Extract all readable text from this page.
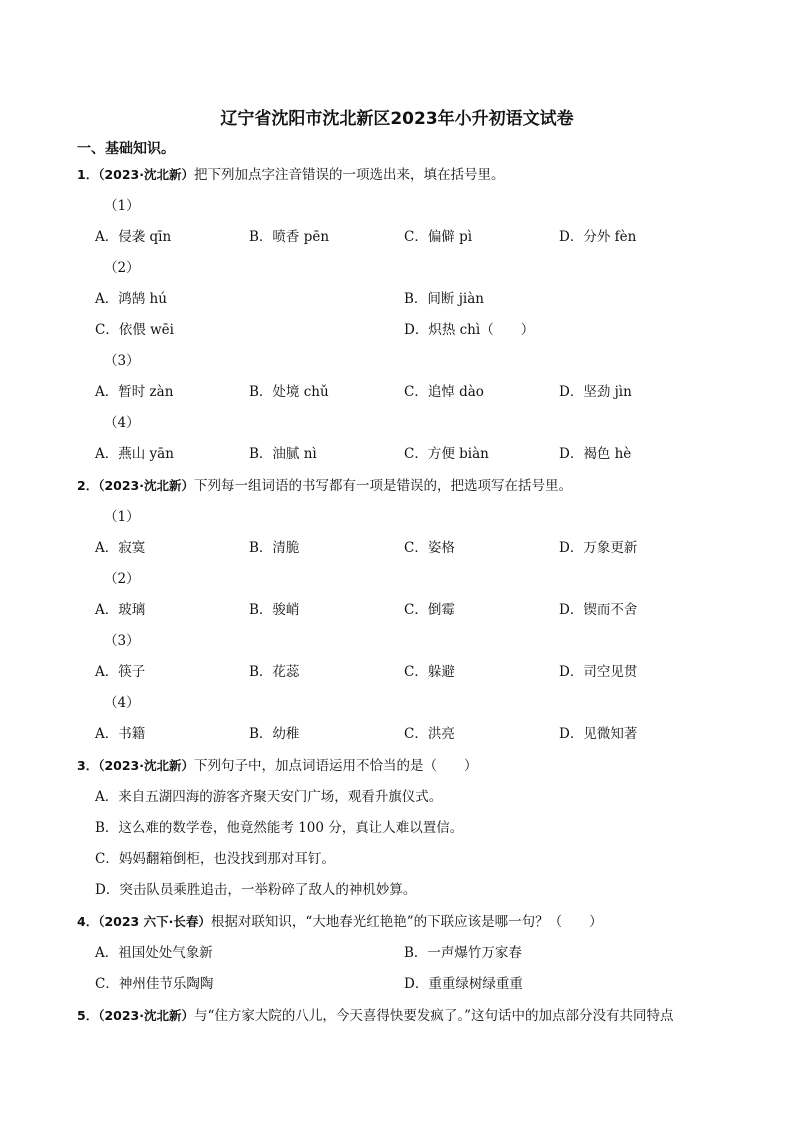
辽宁省沈阳市沈北新区2023年小升初语文试卷
一、基础知识。
1．（2023·沈北新）把下列加点字注音错误的一项选出来，填在括号里。
（1）
A．侵袭 qīn	B．喷香 pēn	C．偏僻 pì	D．分外 fèn
（2）
A．鸿鹄 hú	B．间断 jiàn
C．依偎 wēi	D．炽热 chì（　　）
（3）
A．暂时 zàn	B．处境 chǔ	C．追悼 dào	D．坚劲 jìn
（4）
A．燕山 yān	B．油腻 nì	C．方便 biàn	D．褐色 hè
2．（2023·沈北新）下列每一组词语的书写都有一项是错误的，把选项写在括号里。
（1）
A．寂寞	B．清脆	C．姿格	D．万象更新
（2）
A．玻璃	B．骏峭	C．倒霉	D．锲而不舍
（3）
A．筷子	B．花蕊	C．躲避	D．司空见贯
（4）
A．书籍	B．幼稚	C．洪亮	D．见微知著
3．（2023·沈北新）下列句子中，加点词语运用不恰当的是（　　）
A．来自五湖四海的游客齐聚天安门广场，观看升旗仪式。
B．这么难的数学卷，他竟然能考 100 分，真让人难以置信。
C．妈妈翻箱倒柜，也没找到那对耳钉。
D．突击队员乘胜追击，一举粉碎了敌人的神机妙算。
4．（2023 六下·长春）根据对联知识，“大地春光红艳艳”的下联应该是哪一句？（　　）
A．祖国处处气象新	B．一声爆竹万家春
C．神州佳节乐陶陶	D．重重绿树绿重重
5．（2023·沈北新）与“住方家大院的八儿，今天喜得快要发疯了。”这句话中的加点部分没有共同特点
